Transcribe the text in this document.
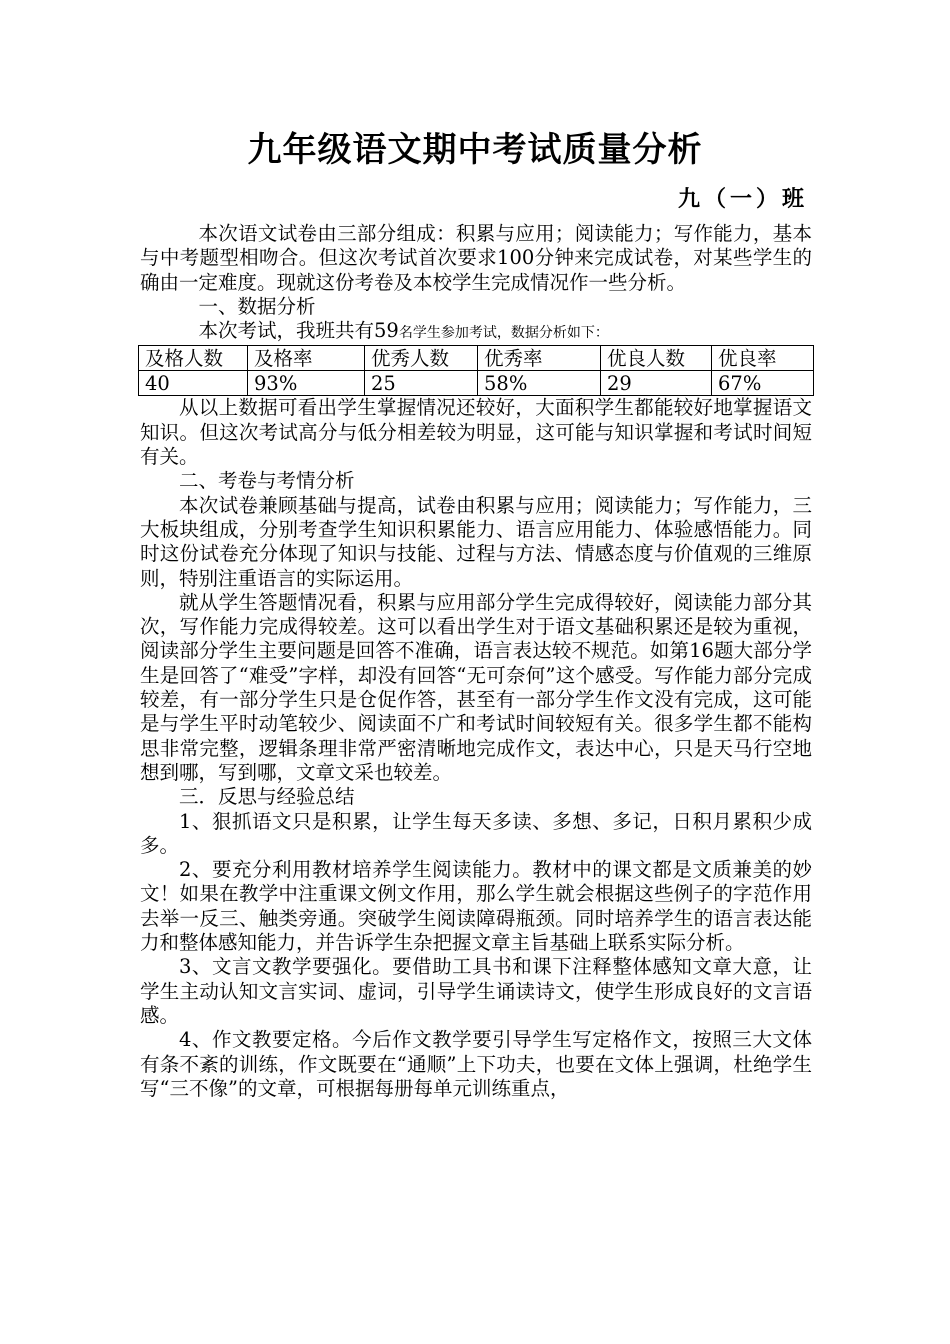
九年级语文期中考试质量分析
九（一）班

本次语文试卷由三部分组成：积累与应用；阅读能力；写作能力，基本与中考题型相吻合。但这次考试首次要求100分钟来完成试卷，对某些学生的确由一定难度。现就这份考卷及本校学生完成情况作一些分析。

一、数据分析

本次考试，我班共有59名学生参加考试，数据分析如下：

及格人数	及格率	优秀人数	优秀率	优良人数	优良率
40	93%	25	58%	29	67%

从以上数据可看出学生掌握情况还较好，大面积学生都能较好地掌握语文知识。但这次考试高分与低分相差较为明显，这可能与知识掌握和考试时间短有关。

二、考卷与考情分析

本次试卷兼顾基础与提高，试卷由积累与应用；阅读能力；写作能力，三大板块组成，分别考查学生知识积累能力、语言应用能力、体验感悟能力。同时这份试卷充分体现了知识与技能、过程与方法、情感态度与价值观的三维原则，特别注重语言的实际运用。

就从学生答题情况看，积累与应用部分学生完成得较好，阅读能力部分其次，写作能力完成得较差。这可以看出学生对于语文基础积累还是较为重视，阅读部分学生主要问题是回答不准确，语言表达较不规范。如第16题大部分学生是回答了“难受”字样，却没有回答“无可奈何”这个感受。写作能力部分完成较差，有一部分学生只是仓促作答，甚至有一部分学生作文没有完成，这可能是与学生平时动笔较少、阅读面不广和考试时间较短有关。很多学生都不能构思非常完整，逻辑条理非常严密清晰地完成作文，表达中心，只是天马行空地想到哪，写到哪，文章文采也较差。

三．反思与经验总结

1、狠抓语文只是积累，让学生每天多读、多想、多记，日积月累积少成多。

2、要充分利用教材培养学生阅读能力。教材中的课文都是文质兼美的妙文！如果在教学中注重课文例文作用，那么学生就会根据这些例子的字范作用去举一反三、触类旁通。突破学生阅读障碍瓶颈。同时培养学生的语言表达能力和整体感知能力，并告诉学生杂把握文章主旨基础上联系实际分析。

3、文言文教学要强化。要借助工具书和课下注释整体感知文章大意，让学生主动认知文言实词、虚词，引导学生诵读诗文，使学生形成良好的文言语感。

4、作文教要定格。今后作文教学要引导学生写定格作文，按照三大文体有条不紊的训练，作文既要在“通顺”上下功夫，也要在文体上强调，杜绝学生写“三不像”的文章，可根据每册每单元训练重点，
